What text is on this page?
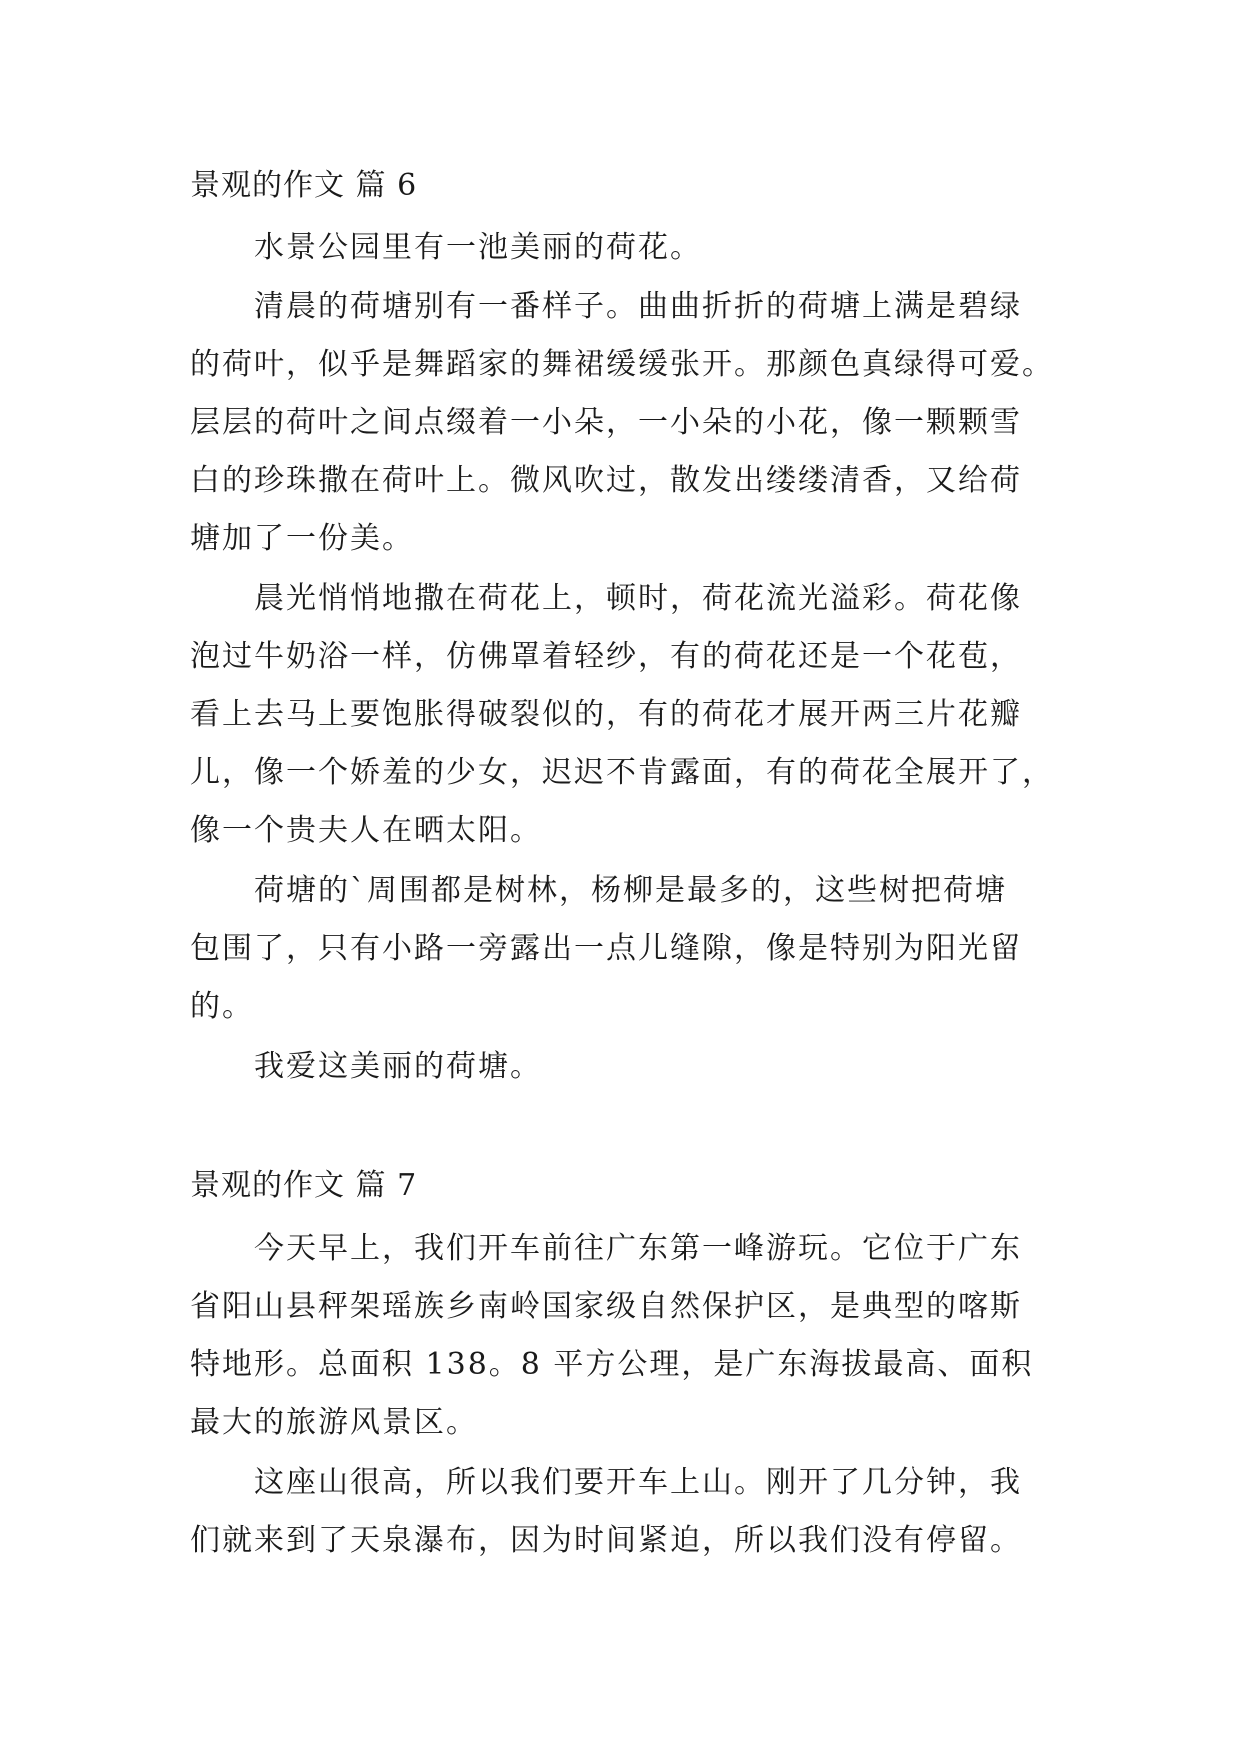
景观的作文 篇 6
水景公园里有一池美丽的荷花。
清晨的荷塘别有一番样子。曲曲折折的荷塘上满是碧绿
的荷叶，似乎是舞蹈家的舞裙缓缓张开。那颜色真绿得可爱。
层层的荷叶之间点缀着一小朵，一小朵的小花，像一颗颗雪
白的珍珠撒在荷叶上。微风吹过，散发出缕缕清香，又给荷
塘加了一份美。
晨光悄悄地撒在荷花上，顿时，荷花流光溢彩。荷花像
泡过牛奶浴一样，仿佛罩着轻纱，有的荷花还是一个花苞，
看上去马上要饱胀得破裂似的，有的荷花才展开两三片花瓣
儿，像一个娇羞的少女，迟迟不肯露面，有的荷花全展开了，
像一个贵夫人在晒太阳。
荷塘的`周围都是树林，杨柳是最多的，这些树把荷塘
包围了，只有小路一旁露出一点儿缝隙，像是特别为阳光留
的。
我爱这美丽的荷塘。
景观的作文 篇 7
今天早上，我们开车前往广东第一峰游玩。它位于广东
省阳山县秤架瑶族乡南岭国家级自然保护区，是典型的喀斯
特地形。总面积 138。8 平方公理，是广东海拔最高、面积
最大的旅游风景区。
这座山很高，所以我们要开车上山。刚开了几分钟，我
们就来到了天泉瀑布，因为时间紧迫，所以我们没有停留。
